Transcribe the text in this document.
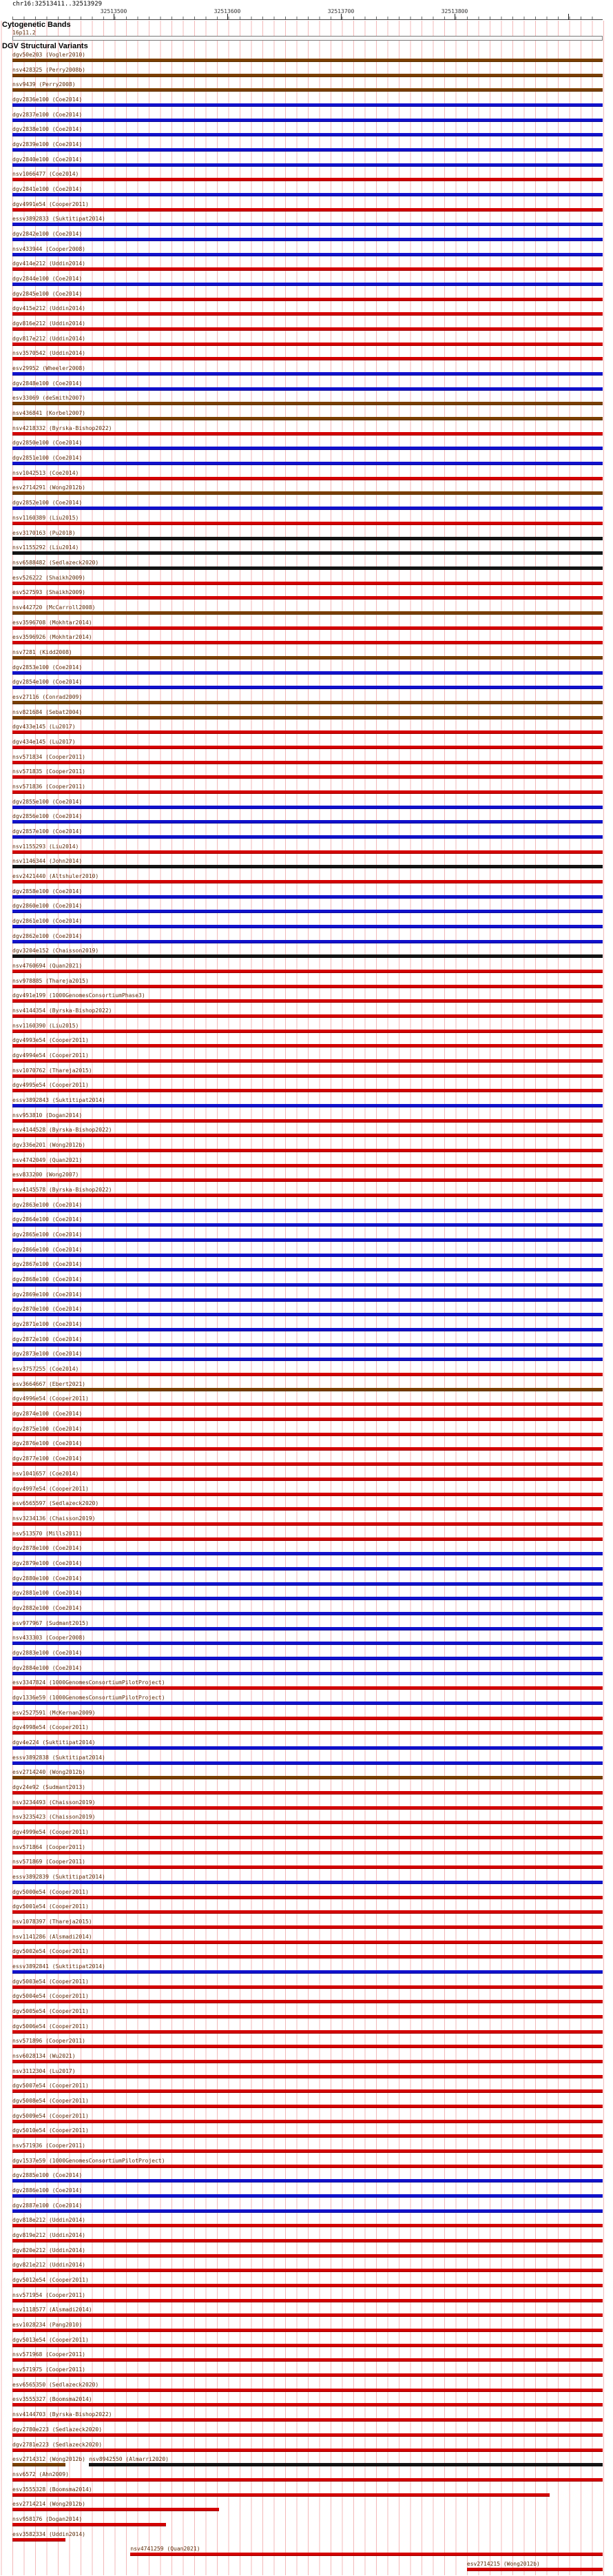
chr16:32513411..32513929
32513500	32513600	32513700	32513800
Cytogenetic Bands
16p11.2
DGV Structural Variants
dgv50e203 (Vogler2010)
nsv428325 (Perry2008b)
nsv9439 (Perry2008)
dgv2836e100 (Coe2014)
dgv2837e100 (Coe2014)
dgv2838e100 (Coe2014)
dgv2839e100 (Coe2014)
dgv2840e100 (Coe2014)
nsv1066477 (Coe2014)
dgv2841e100 (Coe2014)
dgv4991e54 (Cooper2011)
essv3892833 (Suktitipat2014)
dgv2842e100 (Coe2014)
nsv433944 (Cooper2008)
dgv414e212 (Uddin2014)
dgv2844e100 (Coe2014)
dgv2845e100 (Coe2014)
dgv415e212 (Uddin2014)
dgv816e212 (Uddin2014)
dgv817e212 (Uddin2014)
nsv3570542 (Uddin2014)
esv29952 (Wheeler2008)
dgv2848e100 (Coe2014)
esv33069 (deSmith2007)
nsv436841 (Korbel2007)
nsv4218332 (Byrska-Bishop2022)
dgv2850e100 (Coe2014)
dgv2851e100 (Coe2014)
nsv1042513 (Coe2014)
esv2714291 (Wong2012b)
dgv2852e100 (Coe2014)
nsv1160389 (Liu2015)
esv3170163 (Pu2018)
nsv1155292 (Liu2014)
nsv6588482 (Sedlazeck2020)
esv526222 (Shaikh2009)
esv527593 (Shaikh2009)
nsv442720 (McCarroll2008)
esv3596708 (Mokhtar2014)
esv3596926 (Mokhtar2014)
nsv7281 (Kidd2008)
dgv2853e100 (Coe2014)
dgv2854e100 (Coe2014)
esv27116 (Conrad2009)
nsv821684 (Sebat2004)
dgv433e145 (Lu2017)
dgv434e145 (Lu2017)
nsv571834 (Cooper2011)
nsv571835 (Cooper2011)
nsv571836 (Cooper2011)
dgv2855e100 (Coe2014)
dgv2856e100 (Coe2014)
dgv2857e100 (Coe2014)
nsv1155293 (Liu2014)
nsv1146344 (John2014)
esv2421440 (Altshuler2010)
dgv2858e100 (Coe2014)
dgv2860e100 (Coe2014)
dgv2861e100 (Coe2014)
dgv2862e100 (Coe2014)
dgv3204e152 (Chaisson2019)
nsv4760694 (Quan2021)
nsv978885 (Thareja2015)
dgv491e199 (1000GenomesConsortiumPhase3)
nsv4144354 (Byrska-Bishop2022)
nsv1160390 (Liu2015)
dgv4993e54 (Cooper2011)
dgv4994e54 (Cooper2011)
nsv1070762 (Thareja2015)
dgv4995e54 (Cooper2011)
essv3892843 (Suktitipat2014)
nsv953810 (Dogan2014)
nsv4144528 (Byrska-Bishop2022)
dgv336e201 (Wong2012b)
nsv4742049 (Quan2021)
esv833200 (Wong2007)
nsv4145578 (Byrska-Bishop2022)
dgv2863e100 (Coe2014)
dgv2864e100 (Coe2014)
dgv2865e100 (Coe2014)
dgv2866e100 (Coe2014)
dgv2867e100 (Coe2014)
dgv2868e100 (Coe2014)
dgv2869e100 (Coe2014)
dgv2870e100 (Coe2014)
dgv2871e100 (Coe2014)
dgv2872e100 (Coe2014)
dgv2873e100 (Coe2014)
esv3757255 (Coe2014)
esv3664667 (Ebert2021)
dgv4996e54 (Cooper2011)
dgv2874e100 (Coe2014)
dgv2875e100 (Coe2014)
dgv2876e100 (Coe2014)
dgv2877e100 (Coe2014)
nsv1041657 (Coe2014)
dgv4997e54 (Cooper2011)
esv6565597 (Sedlazeck2020)
nsv3234136 (Chaisson2019)
nsv513570 (Mills2011)
dgv2878e100 (Coe2014)
dgv2879e100 (Coe2014)
dgv2880e100 (Coe2014)
dgv2881e100 (Coe2014)
dgv2882e100 (Coe2014)
esv977967 (Sudmant2015)
nsv433303 (Cooper2008)
dgv2883e100 (Coe2014)
dgv2884e100 (Coe2014)
esv3347824 (1000GenomesConsortiumPilotProject)
dgv1336e59 (1000GenomesConsortiumPilotProject)
esv2527591 (McKernan2009)
dgv4998e54 (Cooper2011)
dgv4e224 (Suktitipat2014)
essv3892838 (Suktitipat2014)
esv2714240 (Wong2012b)
dgv24e92 (Sudmant2013)
nsv3234493 (Chaisson2019)
nsv3235423 (Chaisson2019)
dgv4999e54 (Cooper2011)
nsv571864 (Cooper2011)
nsv571869 (Cooper2011)
essv3892839 (Suktitipat2014)
dgv5000e54 (Cooper2011)
dgv5001e54 (Cooper2011)
nsv1078397 (Thareja2015)
nsv1141286 (Alsmadi2014)
dgv5002e54 (Cooper2011)
essv3892841 (Suktitipat2014)
dgv5003e54 (Cooper2011)
dgv5004e54 (Cooper2011)
dgv5005e54 (Cooper2011)
dgv5006e54 (Cooper2011)
nsv571896 (Cooper2011)
nsv6028134 (Wu2021)
nsv3112304 (Lu2017)
dgv5007e54 (Cooper2011)
dgv5008e54 (Cooper2011)
dgv5009e54 (Cooper2011)
dgv5010e54 (Cooper2011)
nsv571936 (Cooper2011)
dgv1537e59 (1000GenomesConsortiumPilotProject)
dgv2885e100 (Coe2014)
dgv2886e100 (Coe2014)
dgv2887e100 (Coe2014)
dgv818e212 (Uddin2014)
dgv819e212 (Uddin2014)
dgv820e212 (Uddin2014)
dgv821e212 (Uddin2014)
dgv5012e54 (Cooper2011)
nsv571954 (Cooper2011)
nsv1118577 (Alsmadi2014)
esv1028234 (Pang2010)
dgv5013e54 (Cooper2011)
nsv571968 (Cooper2011)
nsv571975 (Cooper2011)
esv6565350 (Sedlazeck2020)
esv3555327 (Boomsma2014)
nsv4144703 (Byrska-Bishop2022)
dgv2780e223 (Sedlazeck2020)
dgv2781e223 (Sedlazeck2020)
esv2714312 (Wong2012b) nsv8942550 (Almarri2020)
nsv6572 (Ahn2009)
esv3555328 (Boomsma2014)
esv2714214 (Wong2012b)
nsv958176 (Dogan2014)
esv3582334 (Uddin2014)
nsv4741259 (Quan2021)
esv2714215 (Wong2012b)
